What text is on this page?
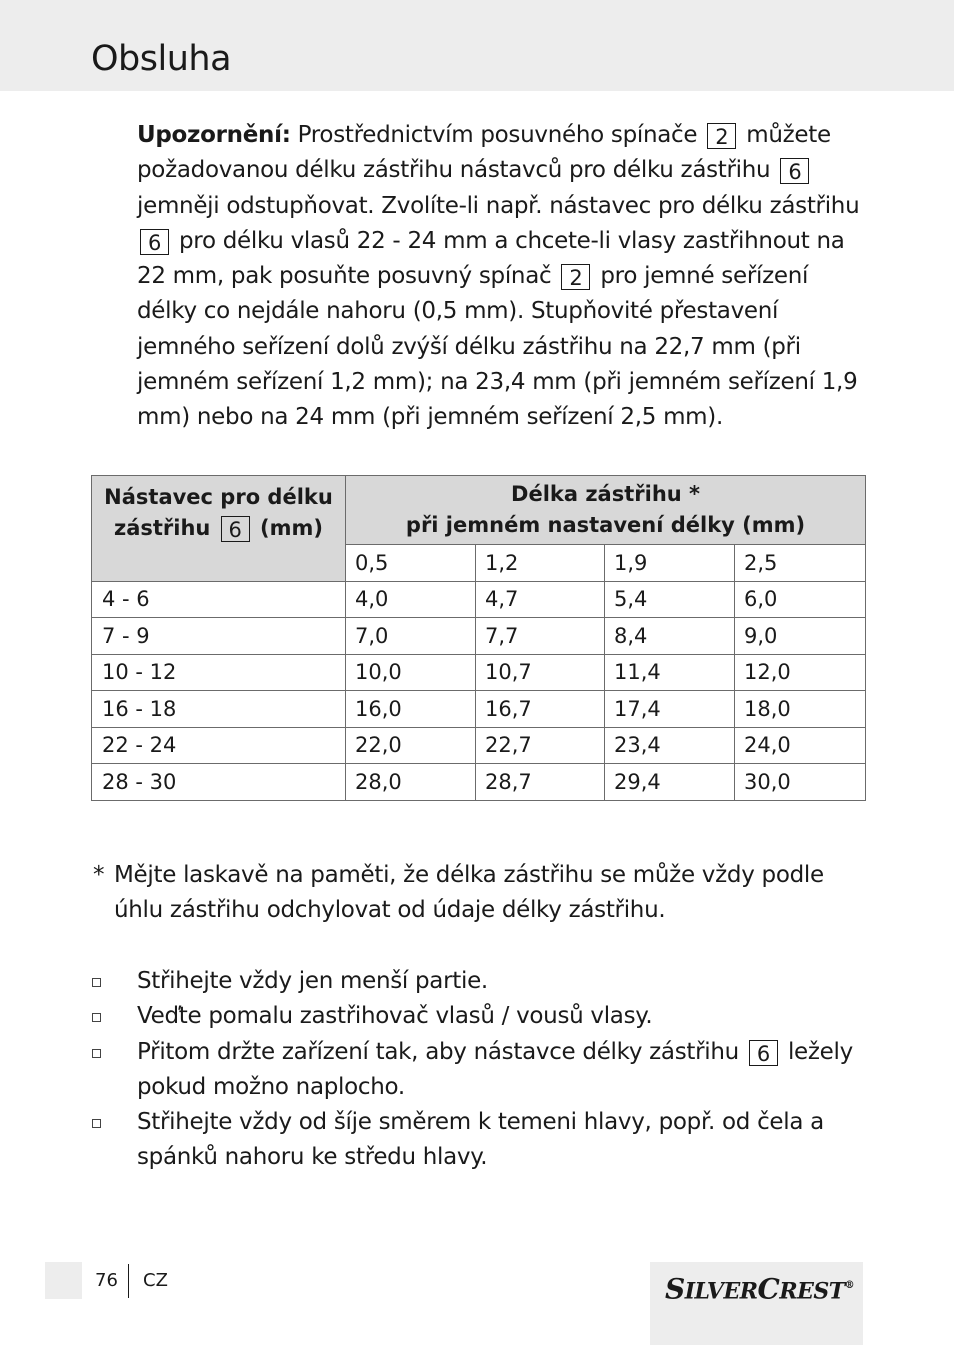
Obsluha

Upozornění: Prostřednictvím posuvného spínače 2 můžete požadovanou délku zástřihu nástavců pro délku zástřihu 6 jemněji odstupňovat. Zvolíte-li např. nástavec pro délku zástřihu 6 pro délku vlasů 22 - 24 mm a chcete-li vlasy zastřihnout na 22 mm, pak posuňte posuvný spínač 2 pro jemné seřízení délky co nejdále nahoru (0,5 mm). Stupňovité přestavení jemného seřízení dolů zvýší délku zástřihu na 22,7 mm (při jemném seřízení 1,2 mm); na 23,4 mm (při jemném seřízení 1,9 mm) nebo na 24 mm (při jemném seřízení 2,5 mm).

Nástavec pro délku zástřihu 6 (mm)	Délka zástřihu *
při jemném nastavení délky (mm)			
	0,5	1,2	1,9	2,5
4 - 6	4,0	4,7	5,4	6,0
7 - 9	7,0	7,7	8,4	9,0
10 - 12	10,0	10,7	11,4	12,0
16 - 18	16,0	16,7	17,4	18,0
22 - 24	22,0	22,7	23,4	24,0
28 - 30	28,0	28,7	29,4	30,0

* Mějte laskavě na paměti, že délka zástřihu se může vždy podle úhlu zástřihu odchylovat od údaje délky zástřihu.

Střihejte vždy jen menší partie.
Veďte pomalu zastřihovač vlasů / vousů vlasy.
Přitom držte zařízení tak, aby nástavce délky zástřihu 6 ležely pokud možno naplocho.
Střihejte vždy od šíje směrem k temeni hlavy, popř. od čela a spánků nahoru ke středu hlavy.
76 CZ	SILVERCREST®
